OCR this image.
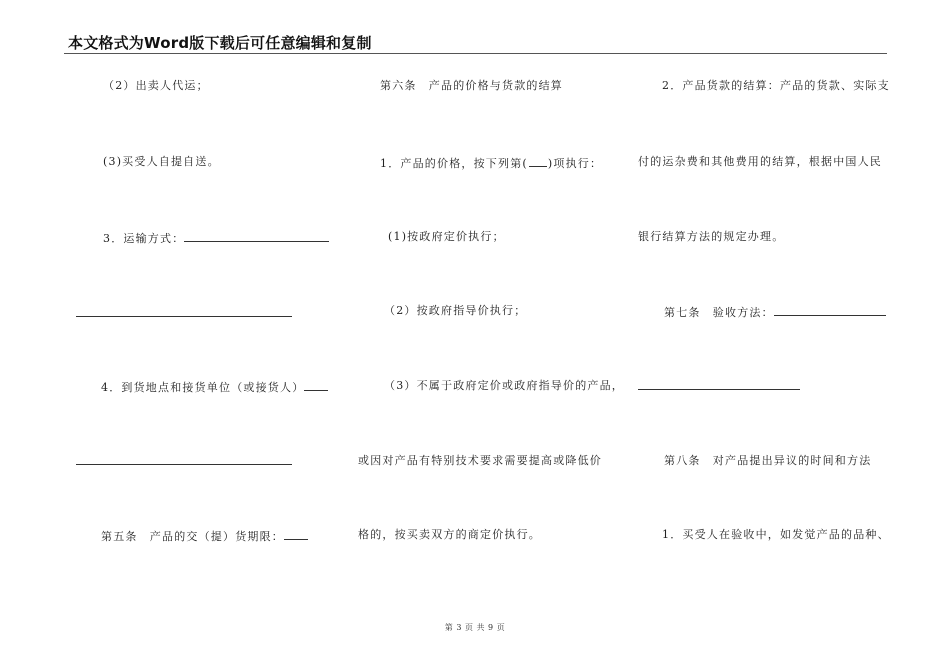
本文格式为Word版下载后可任意编辑和复制
（2）出卖人代运；
(3)买受人自提自送。
3．运输方式：
4．到货地点和接货单位（或接货人）
第五条　产品的交（提）货期限：
第六条　产品的价格与货款的结算
1．产品的价格，按下列第( )项执行：
(1)按政府定价执行；
（2）按政府指导价执行；
（3）不属于政府定价或政府指导价的产品，
或因对产品有特别技术要求需要提高或降低价
格的，按买卖双方的商定价执行。
2．产品货款的结算：产品的货款、实际支
付的运杂费和其他费用的结算，根据中国人民
银行结算方法的规定办理。
第七条　验收方法：
第八条　对产品提出异议的时间和方法
1．买受人在验收中，如发觉产品的品种、
第 3 页 共 9 页
